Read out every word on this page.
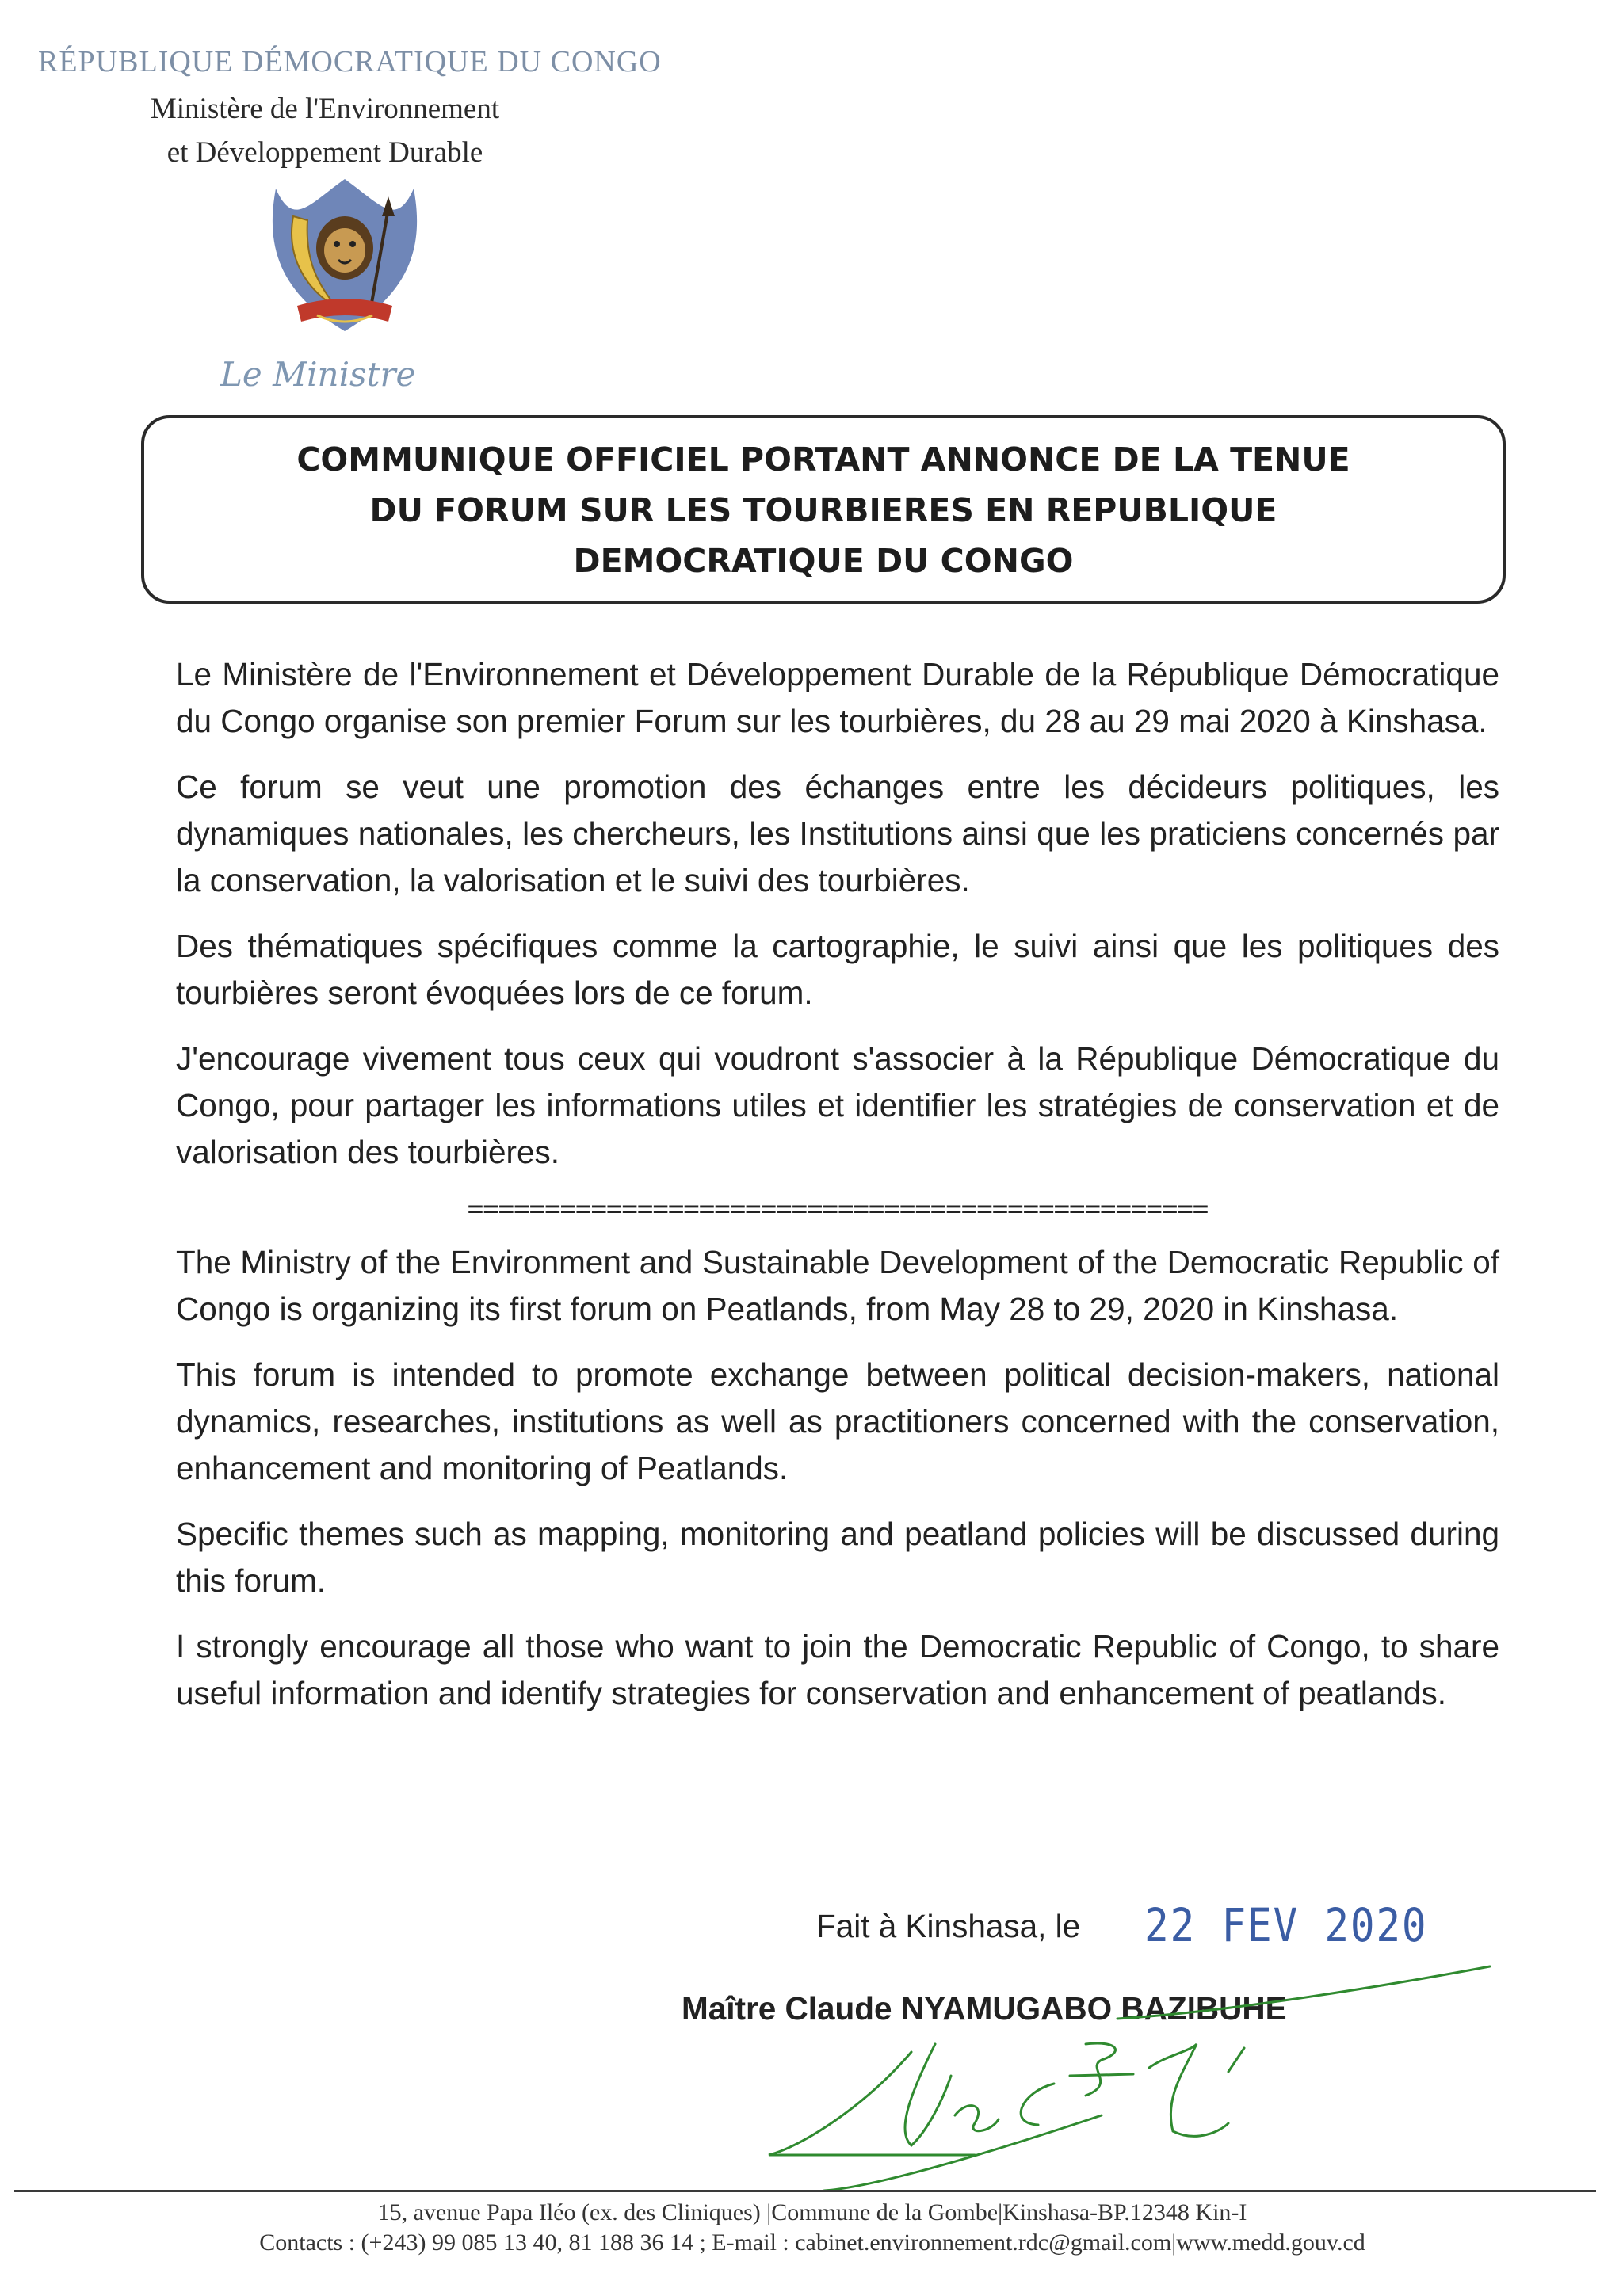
RÉPUBLIQUE DÉMOCRATIQUE DU CONGO
Ministère de l'Environnement
et Développement Durable
Le Ministre
COMMUNIQUE OFFICIEL PORTANT ANNONCE DE LA TENUE
DU FORUM SUR LES TOURBIERES EN REPUBLIQUE
DEMOCRATIQUE DU CONGO

Le Ministère de l'Environnement et Développement Durable de la République Démocratique du Congo organise son premier Forum sur les tourbières, du 28 au 29 mai 2020 à Kinshasa.

Ce forum se veut une promotion des échanges entre les décideurs politiques, les dynamiques nationales, les chercheurs, les Institutions ainsi que les praticiens concernés par la conservation, la valorisation et le suivi des tourbières.

Des thématiques spécifiques comme la cartographie, le suivi ainsi que les politiques des tourbières seront évoquées lors de ce forum.

J'encourage vivement tous ceux qui voudront s'associer à la République Démocratique du Congo, pour partager les informations utiles et identifier les stratégies de conservation et de valorisation des tourbières.

================================================

The Ministry of the Environment and Sustainable Development of the Democratic Republic of Congo is organizing its first forum on Peatlands, from May 28 to 29, 2020 in Kinshasa.

This forum is intended to promote exchange between political decision-makers, national dynamics, researches, institutions as well as practitioners concerned with the conservation, enhancement and monitoring of Peatlands.

Specific themes such as mapping, monitoring and peatland policies will be discussed during this forum.

I strongly encourage all those who want to join the Democratic Republic of Congo, to share useful information and identify strategies for conservation and enhancement of peatlands.

Fait à Kinshasa, le 22 FEV 2020
Maître Claude NYAMUGABO BAZIBUHE
15, avenue Papa Iléo (ex. des Cliniques) |Commune de la Gombe|Kinshasa-BP.12348 Kin-I
Contacts : (+243) 99 085 13 40, 81 188 36 14 ; E-mail : cabinet.environnement.rdc@gmail.com|www.medd.gouv.cd
